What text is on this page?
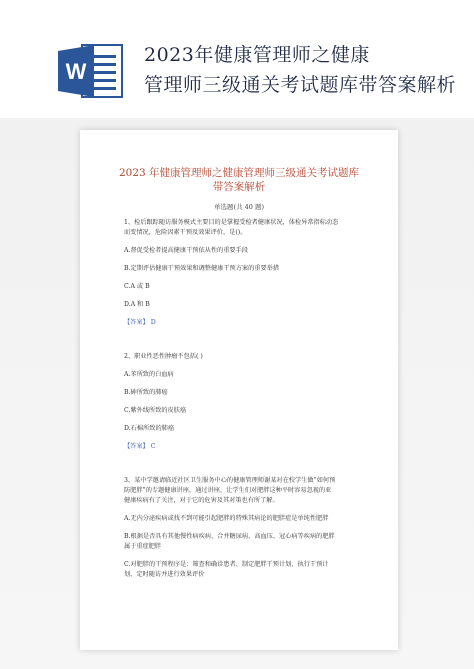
W
2023年健康管理师之健康
管理师三级通关考试题库带答案解析
2023 年健康管理师之健康管理师三级通关考试题库
带答案解析
单选题(共 40 题)
1、检后跟踪随访服务模式主要目的是掌握受检者健康状况，体检异常指标动态
而变情况，危险因素干预及效果评价，是()。
A.督促受检者提高健康干预依从性的重要手段
B.定期评估健康干预效果和调整健康干预方案的重要举措
C.A 或 B
D.A 和 B
【答案】 D
2、职业性恶性肿瘤不包括( )
A.苯所致的白血病
B.砷所致的肺癌
C.紫外线所致的皮肤癌
D.石棉所致的肺癌
【答案】 C
3、某中学邀请临近社区卫生服务中心的健康管理师谢某对在校学生做“如何预
防肥胖”的专题健康讲座，通过讲座，让学生们对肥胖这种平时容易忽视的亚
健康疾病有了关注，对于它的危害及其对策也有所了解。
A.无内分泌疾病或找不到可能引起肥胖的特殊其病论的肥胖症是单纯性肥胖
B.根据是否具有其他慢性病疾病、合并糖尿病、高血压、冠心病等疾病的肥胖
属于重症肥胖
C.对肥胖的干预程序是：筛查和确诊患者、制定肥胖干预计划、执行干预计
划、定时随访并进行效果评价
